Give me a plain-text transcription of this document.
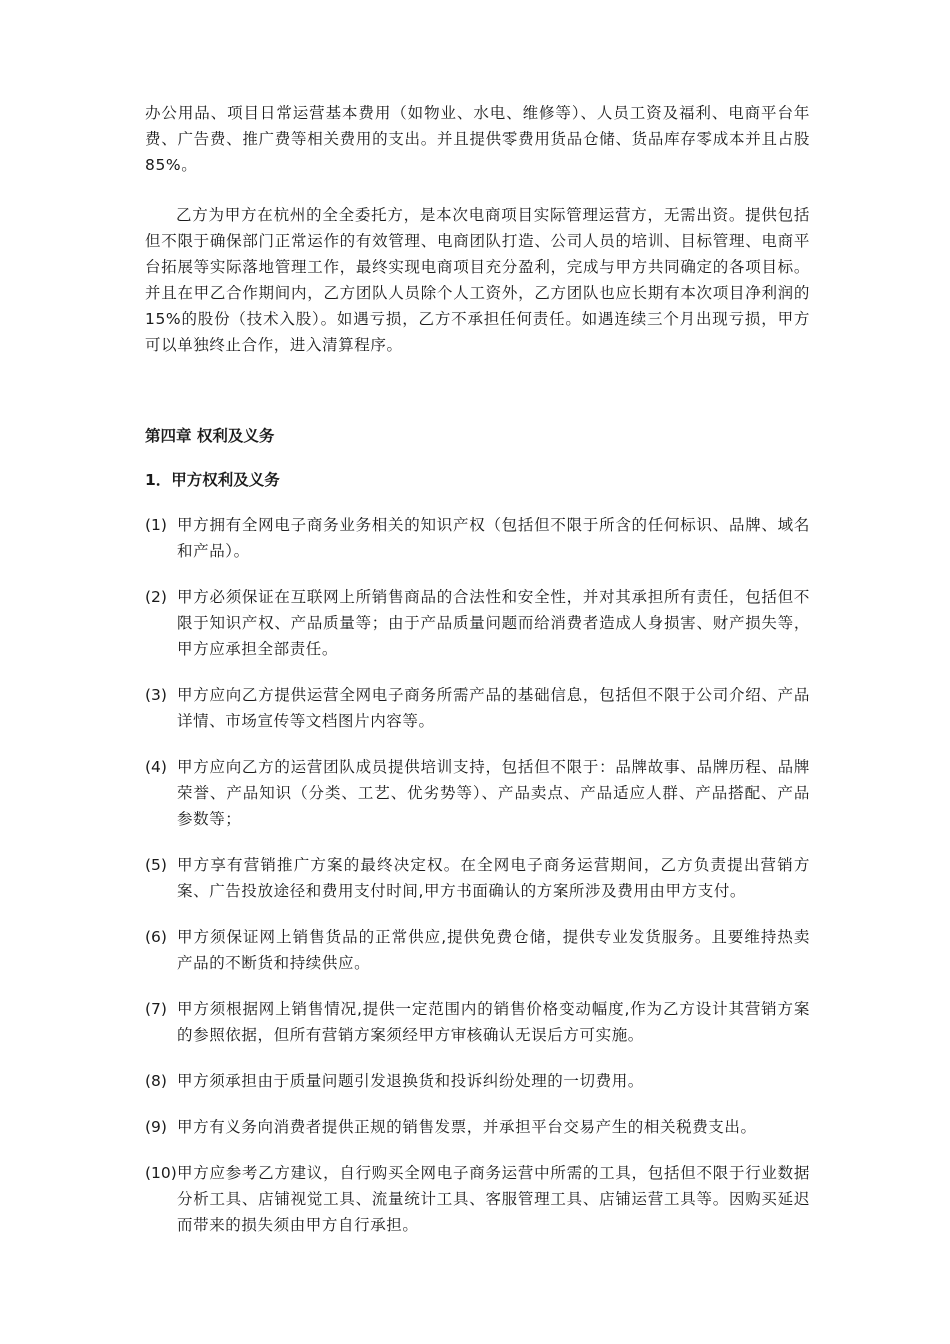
办公用品、项目日常运营基本费用（如物业、水电、维修等）、人员工资及福利、电商平台年费、广告费、推广费等相关费用的支出。并且提供零费用货品仓储、货品库存零成本并且占股 85%。

乙方为甲方在杭州的全全委托方，是本次电商项目实际管理运营方，无需出资。提供包括但不限于确保部门正常运作的有效管理、电商团队打造、公司人员的培训、目标管理、电商平台拓展等实际落地管理工作，最终实现电商项目充分盈利，完成与甲方共同确定的各项目标。并且在甲乙合作期间内，乙方团队人员除个人工资外，乙方团队也应长期有本次项目净利润的 15%的股份（技术入股）。如遇亏损，乙方不承担任何责任。如遇连续三个月出现亏损，甲方可以单独终止合作，进入清算程序。

第四章 权利及义务
1．甲方权利及义务
(1) 甲方拥有全网电子商务业务相关的知识产权（包括但不限于所含的任何标识、品牌、域名和产品）。
(2) 甲方必须保证在互联网上所销售商品的合法性和安全性，并对其承担所有责任，包括但不限于知识产权、产品质量等；由于产品质量问题而给消费者造成人身损害、财产损失等，甲方应承担全部责任。
(3) 甲方应向乙方提供运营全网电子商务所需产品的基础信息，包括但不限于公司介绍、产品详情、市场宣传等文档图片内容等。
(4) 甲方应向乙方的运营团队成员提供培训支持，包括但不限于：品牌故事、品牌历程、品牌荣誉、产品知识（分类、工艺、优劣势等）、产品卖点、产品适应人群、产品搭配、产品参数等；
(5) 甲方享有营销推广方案的最终决定权。在全网电子商务运营期间，乙方负责提出营销方案、广告投放途径和费用支付时间,甲方书面确认的方案所涉及费用由甲方支付。
(6) 甲方须保证网上销售货品的正常供应,提供免费仓储，提供专业发货服务。且要维持热卖产品的不断货和持续供应。
(7) 甲方须根据网上销售情况,提供一定范围内的销售价格变动幅度,作为乙方设计其营销方案的参照依据，但所有营销方案须经甲方审核确认无误后方可实施。
(8) 甲方须承担由于质量问题引发退换货和投诉纠纷处理的一切费用。
(9) 甲方有义务向消费者提供正规的销售发票，并承担平台交易产生的相关税费支出。
(10) 甲方应参考乙方建议，自行购买全网电子商务运营中所需的工具，包括但不限于行业数据分析工具、店铺视觉工具、流量统计工具、客服管理工具、店铺运营工具等。因购买延迟而带来的损失须由甲方自行承担。
